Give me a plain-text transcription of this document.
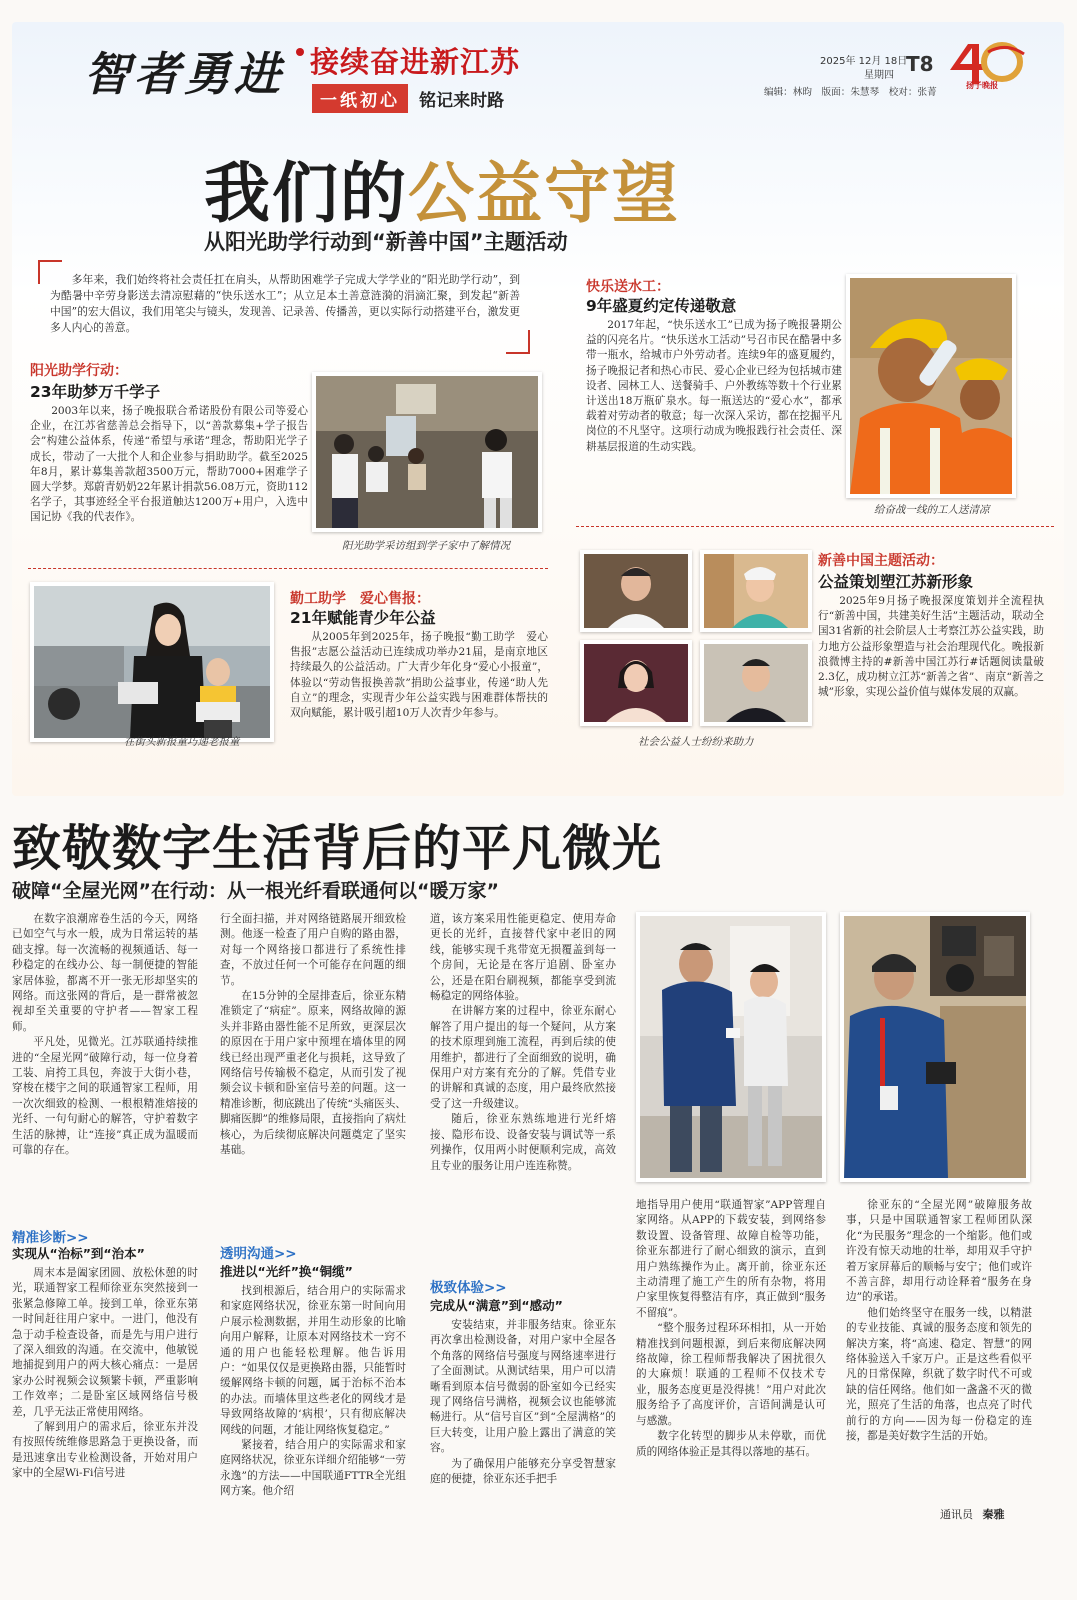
智者勇进 接续奋进新江苏
一纸初心 铭记来时路
2025年 12月 18日
星期四 T8
编辑：林昀　版面：朱慧琴　校对：张菁
扬子晚报
我们的公益守望
从阳光助学行动到“新善中国”主题活动

多年来，我们始终将社会责任扛在肩头，从帮助困难学子完成大学学业的“阳光助学行动”，到为酷暑中辛劳身影送去清凉慰藉的“快乐送水工”；从立足本土善意涟漪的涓滴汇聚，到发起“新善中国”的宏大倡议，我们用笔尖与镜头，发现善、记录善、传播善，更以实际行动搭建平台，激发更多人内心的善意。

阳光助学行动：
23年助梦万千学子

2003年以来，扬子晚报联合希诺股份有限公司等爱心企业，在江苏省慈善总会指导下，以“善款募集+学子报告会”构建公益体系，传递“希望与承诺”理念，帮助阳光学子成长，带动了一大批个人和企业参与捐助助学。截至2025年8月，累计募集善款超3500万元，帮助7000+困难学子圆大学梦。郑蔚青奶奶22年累计捐款56.08万元，资助112名学子，其事迹经全平台报道触达1200万+用户，入选中国记协《我的代表作》。

阳光助学采访组到学子家中了解情况
快乐送水工：
9年盛夏约定传递敬意

2017年起，“快乐送水工”已成为扬子晚报暑期公益的闪亮名片。“快乐送水工活动”号召市民在酷暑中多带一瓶水，给城市户外劳动者。连续9年的盛夏履约，扬子晚报记者和热心市民、爱心企业已经为包括城市建设者、园林工人、送餐骑手、户外教练等数十个行业累计送出18万瓶矿泉水。每一瓶送达的“爱心水”，都承载着对劳动者的敬意；每一次深入采访，都在挖掘平凡岗位的不凡坚守。这项行动成为晚报践行社会责任、深耕基层报道的生动实践。

给奋战一线的工人送清凉
在街头新报童巧递老报童
勤工助学　爱心售报：
21年赋能青少年公益

从2005年到2025年，扬子晚报“勤工助学　爱心售报”志愿公益活动已连续成功举办21届，是南京地区持续最久的公益活动。广大青少年化身“爱心小报童”，体验以“劳动售报换善款”捐助公益事业，传递“助人先自立”的理念，实现青少年公益实践与困难群体帮扶的双向赋能，累计吸引超10万人次青少年参与。

社会公益人士纷纷来助力
新善中国主题活动：
公益策划塑江苏新形象

2025年9月扬子晚报深度策划并全流程执行“新善中国，共建美好生活”主题活动，联动全国31省新的社会阶层人士考察江苏公益实践，助力地方公益形象塑造与社会治理现代化。晚报新浪微博主持的#新善中国江苏行#话题阅读量破2.3亿，成功树立江苏“新善之省”、南京“新善之城”形象，实现公益价值与媒体发展的双赢。

致敬数字生活背后的平凡微光
破障“全屋光网”在行动：从一根光纤看联通何以“暖万家”

在数字浪潮席卷生活的今天，网络已如空气与水一般，成为日常运转的基础支撑。每一次流畅的视频通话、每一秒稳定的在线办公、每一制便捷的智能家居体验，都离不开一张无形却坚实的网络。而这张网的背后，是一群常被忽视却至关重要的守护者——智家工程师。

平凡处，见微光。江苏联通持续推进的“全屋光网”破障行动，每一位身着工装、肩挎工具包，奔波于大街小巷，穿梭在楼宇之间的联通智家工程师，用一次次细致的检测、一根根精准熔接的光纤、一句句耐心的解答，守护着数字生活的脉搏，让“连接”真正成为温暖而可靠的存在。

精准诊断>>
实现从“治标”到“治本”

周末本是阖家团圆、放松休憩的时光，联通智家工程师徐亚东突然接到一张紧急修障工单。接到工单，徐亚东第一时间赶往用户家中。一进门，他没有急于动手检查设备，而是先与用户进行了深入细致的沟通。在交流中，他敏锐地捕捉到用户的两大核心痛点：一是居家办公时视频会议频繁卡顿，严重影响工作效率；二是卧室区域网络信号极差，几乎无法正常使用网络。

了解到用户的需求后，徐亚东并没有按照传统维修思路急于更换设备，而是迅速拿出专业检测设备，开始对用户家中的全屋Wi-Fi信号进

行全面扫描，并对网络链路展开细致检测。他逐一检查了用户自购的路由器，对每一个网络接口都进行了系统性排查，不放过任何一个可能存在问题的细节。

在15分钟的全屋排查后，徐亚东精准锁定了“病症”。原来，网络故障的源头并非路由器性能不足所致，更深层次的原因在于用户家中预埋在墙体里的网线已经出现严重老化与损耗，这导致了网络信号传输极不稳定，从而引发了视频会议卡顿和卧室信号差的问题。这一精准诊断，彻底跳出了传统“头痛医头、脚痛医脚”的维修局限，直接指向了病灶核心，为后续彻底解决问题奠定了坚实基础。

透明沟通>>
推进以“光纤”换“铜缆”

找到根源后，结合用户的实际需求和家庭网络状况，徐亚东第一时间向用户展示检测数据，并用生动形象的比喻向用户解释，让原本对网络技术一窍不通的用户也能轻松理解。他告诉用户：“如果仅仅是更换路由器，只能暂时缓解网络卡顿的问题，属于治标不治本的办法。而墙体里这些老化的网线才是导致网络故障的‘病根’，只有彻底解决网线的问题，才能让网络恢复稳定。”

紧接着，结合用户的实际需求和家庭网络状况，徐亚东详细介绍能够“一劳永逸”的方法——中国联通FTTR全光组网方案。他介绍

道，该方案采用性能更稳定、使用寿命更长的光纤，直接替代家中老旧的网线，能够实现千兆带宽无损覆盖到每一个房间，无论是在客厅追剧、卧室办公，还是在阳台刷视频，都能享受到流畅稳定的网络体验。

在讲解方案的过程中，徐亚东耐心解答了用户提出的每一个疑问，从方案的技术原理到施工流程，再到后续的使用维护，都进行了全面细致的说明，确保用户对方案有充分的了解。凭借专业的讲解和真诚的态度，用户最终欣然接受了这一升级建议。

随后，徐亚东熟练地进行光纤熔接、隐形布设、设备安装与调试等一系列操作，仅用两小时便顺利完成，高效且专业的服务让用户连连称赞。

极致体验>>
完成从“满意”到“感动”

安装结束，并非服务结束。徐亚东再次拿出检测设备，对用户家中全屋各个角落的网络信号强度与网络速率进行了全面测试。从测试结果，用户可以清晰看到原本信号微弱的卧室如今已经实现了网络信号满格，视频会议也能够流畅进行。从“信号盲区”到“全屋满格”的巨大转变，让用户脸上露出了满意的笑容。

为了确保用户能够充分享受智慧家庭的便捷，徐亚东还手把手

地指导用户使用“联通智家”APP管理自家网络。从APP的下载安装，到网络参数设置、设备管理、故障自检等功能，徐亚东都进行了耐心细致的演示，直到用户熟练操作为止。离开前，徐亚东还主动清理了施工产生的所有杂物，将用户家里恢复得整洁有序，真正做到“服务不留痕”。

“整个服务过程环环相扣，从一开始精准找到问题根源，到后来彻底解决网络故障，徐工程师帮我解决了困扰很久的大麻烦！联通的工程师不仅技术专业，服务态度更是没得挑！”用户对此次服务给予了高度评价，言语间满是认可与感激。

数字化转型的脚步从未停歇，而优质的网络体验正是其得以落地的基石。

徐亚东的“全屋光网”破障服务故事，只是中国联通智家工程师团队深化“为民服务”理念的一个缩影。他们或许没有惊天动地的壮举，却用双手守护着万家屏幕后的顺畅与安宁；他们或许不善言辞，却用行动诠释着“服务在身边”的承诺。

他们始终坚守在服务一线，以精湛的专业技能、真诚的服务态度和领先的解决方案，将“高速、稳定、智慧”的网络体验送入千家万户。正是这些看似平凡的日常保障，织就了数字时代不可或缺的信任网络。他们如一盏盏不灭的微光，照亮了生活的角落，也点亮了时代前行的方向——因为每一份稳定的连接，都是美好数字生活的开始。

通讯员 秦雅
